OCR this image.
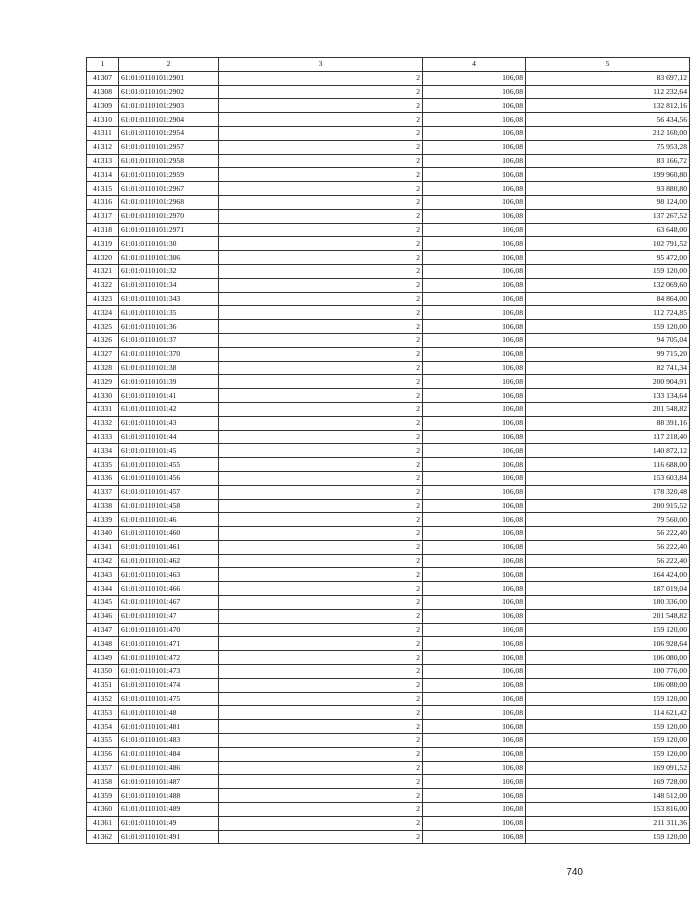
1	2	3	4	5
41307	61:01:0110101:2901	2	106,08	83 697,12
41308	61:01:0110101:2902	2	106,08	112 232,64
41309	61:01:0110101:2903	2	106,08	132 812,16
41310	61:01:0110101:2904	2	106,08	56 434,56
41311	61:01:0110101:2954	2	106,08	212 160,00
41312	61:01:0110101:2957	2	106,08	75 953,28
41313	61:01:0110101:2958	2	106,08	83 166,72
41314	61:01:0110101:2959	2	106,08	199 960,80
41315	61:01:0110101:2967	2	106,08	93 880,80
41316	61:01:0110101:2968	2	106,08	98 124,00
41317	61:01:0110101:2970	2	106,08	137 267,52
41318	61:01:0110101:2971	2	106,08	63 648,00
41319	61:01:0110101:30	2	106,08	102 791,52
41320	61:01:0110101:306	2	106,08	95 472,00
41321	61:01:0110101:32	2	106,08	159 120,00
41322	61:01:0110101:34	2	106,08	132 069,60
41323	61:01:0110101:343	2	106,08	84 864,00
41324	61:01:0110101:35	2	106,08	112 724,85
41325	61:01:0110101:36	2	106,08	159 120,00
41326	61:01:0110101:37	2	106,08	94 705,04
41327	61:01:0110101:370	2	106,08	99 715,20
41328	61:01:0110101:38	2	106,08	82 741,34
41329	61:01:0110101:39	2	106,08	200 904,91
41330	61:01:0110101:41	2	106,08	133 134,64
41331	61:01:0110101:42	2	106,08	201 548,82
41332	61:01:0110101:43	2	106,08	88 391,16
41333	61:01:0110101:44	2	106,08	117 218,40
41334	61:01:0110101:45	2	106,08	140 872,12
41335	61:01:0110101:455	2	106,08	116 688,00
41336	61:01:0110101:456	2	106,08	153 603,84
41337	61:01:0110101:457	2	106,08	178 320,48
41338	61:01:0110101:458	2	106,08	200 915,52
41339	61:01:0110101:46	2	106,08	79 560,00
41340	61:01:0110101:460	2	106,08	56 222,40
41341	61:01:0110101:461	2	106,08	56 222,40
41342	61:01:0110101:462	2	106,08	56 222,40
41343	61:01:0110101:463	2	106,08	164 424,00
41344	61:01:0110101:466	2	106,08	187 019,04
41345	61:01:0110101:467	2	106,08	180 336,00
41346	61:01:0110101:47	2	106,08	201 548,82
41347	61:01:0110101:470	2	106,08	159 120,00
41348	61:01:0110101:471	2	106,08	106 928,64
41349	61:01:0110101:472	2	106,08	106 080,00
41350	61:01:0110101:473	2	106,08	100 776,00
41351	61:01:0110101:474	2	106,08	106 080,00
41352	61:01:0110101:475	2	106,08	159 120,00
41353	61:01:0110101:48	2	106,08	114 621,42
41354	61:01:0110101:481	2	106,08	159 120,00
41355	61:01:0110101:483	2	106,08	159 120,00
41356	61:01:0110101:484	2	106,08	159 120,00
41357	61:01:0110101:486	2	106,08	169 091,52
41358	61:01:0110101:487	2	106,08	169 728,00
41359	61:01:0110101:488	2	106,08	148 512,00
41360	61:01:0110101:489	2	106,08	153 816,00
41361	61:01:0110101:49	2	106,08	211 311,36
41362	61:01:0110101:491	2	106,08	159 120,00
740
